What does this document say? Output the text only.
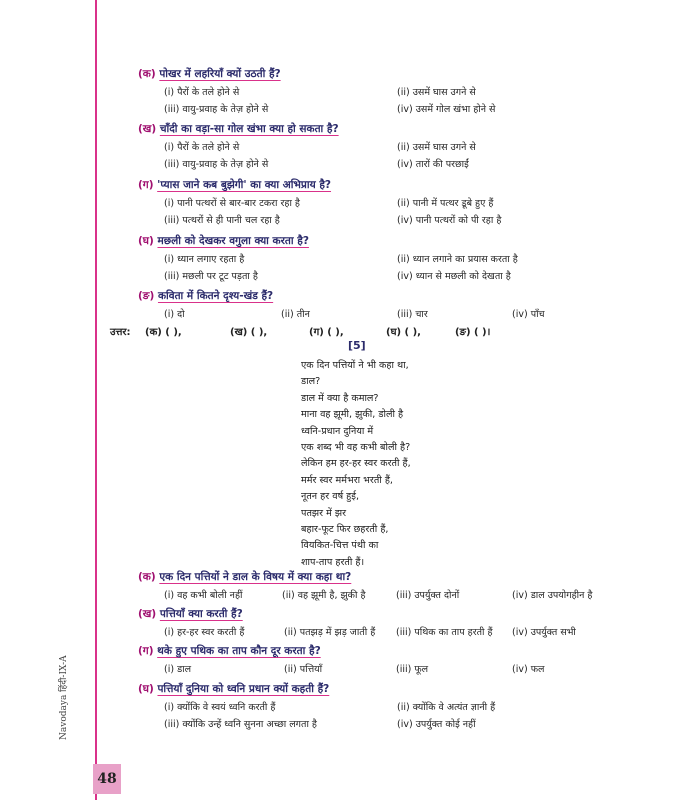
Navodaya हिंदी-IX-A
48
(क) पोखर में लहरियाँ क्यों उठती हैं?
(i) पैरों के तले होने से	(ii) उसमें घास उगने से
(iii) वायु-प्रवाह के तेज़ होने से	(iv) उसमें गोल खंभा होने से
(ख) चाँदी का वड़ा-सा गोल खंभा क्या हो सकता है?
(i) पैरों के तले होने से	(ii) उसमें घास उगने से
(iii) वायु-प्रवाह के तेज़ होने से	(iv) तारों की परछाईं
(ग) 'प्यास जाने कब बुझेगी' का क्या अभिप्राय है?
(i) पानी पत्थरों से बार-बार टकरा रहा है	(ii) पानी में पत्थर डूबे हुए हैं
(iii) पत्थरों से ही पानी चल रहा है	(iv) पानी पत्थरों को पी रहा है
(घ) मछली को देखकर वगुला क्या करता है?
(i) ध्यान लगाए रहता है	(ii) ध्यान लगाने का प्रयास करता है
(iii) मछली पर टूट पड़ता है	(iv) ध्यान से मछली को देखता है
(ङ) कविता में कितने दृश्य-खंड हैं?
(i) दो	(ii) तीन	(iii) चार	(iv) पाँच
उत्तर: (क) ( ),	(ख) ( ),	(ग) ( ),	(घ) ( ),	(ङ) ( )।
[5]
एक दिन पत्तियों ने भी कहा था,
डाल?
डाल में क्या है कमाल?
माना वह झूमी, झुकी, डोली है
ध्वनि-प्रधान दुनिया में
एक शब्द भी वह कभी बोली है?
लेकिन हम हर-हर स्वर करती हैं,
मर्मर स्वर मर्मभरा भरती हैं,
नूतन हर वर्ष हुई,
पतझर में झर
बहार-फूट फिर छहरती हैं,
वियकित-चित्त पंथी का
शाप-ताप हरती हैं।
(क) एक दिन पत्तियों ने डाल के विषय में क्या कहा था?
(i) वह कभी बोली नहीं	(ii) वह झूमी है, झुकी है	(iii) उपर्युक्त दोनों	(iv) डाल उपयोगहीन है
(ख) पत्तियाँ क्या करती हैं?
(i) हर-हर स्वर करती हैं	(ii) पतझड़ में झड़ जाती हैं (iii) पथिक का ताप हरती हैं (iv) उपर्युक्त सभी
(ग) थके हुए पथिक का ताप कौन दूर करता है?
(i) डाल	(ii) पत्तियाँ	(iii) फूल	(iv) फल
(घ) पत्तियाँ दुनिया को ध्वनि प्रधान क्यों कहती हैं?
(i) क्योंकि वे स्वयं ध्वनि करती हैं	(ii) क्योंकि वे अत्यंत ज्ञानी हैं
(iii) क्योंकि उन्हें ध्वनि सुनना अच्छा लगता है	(iv) उपर्युक्त कोई नहीं
